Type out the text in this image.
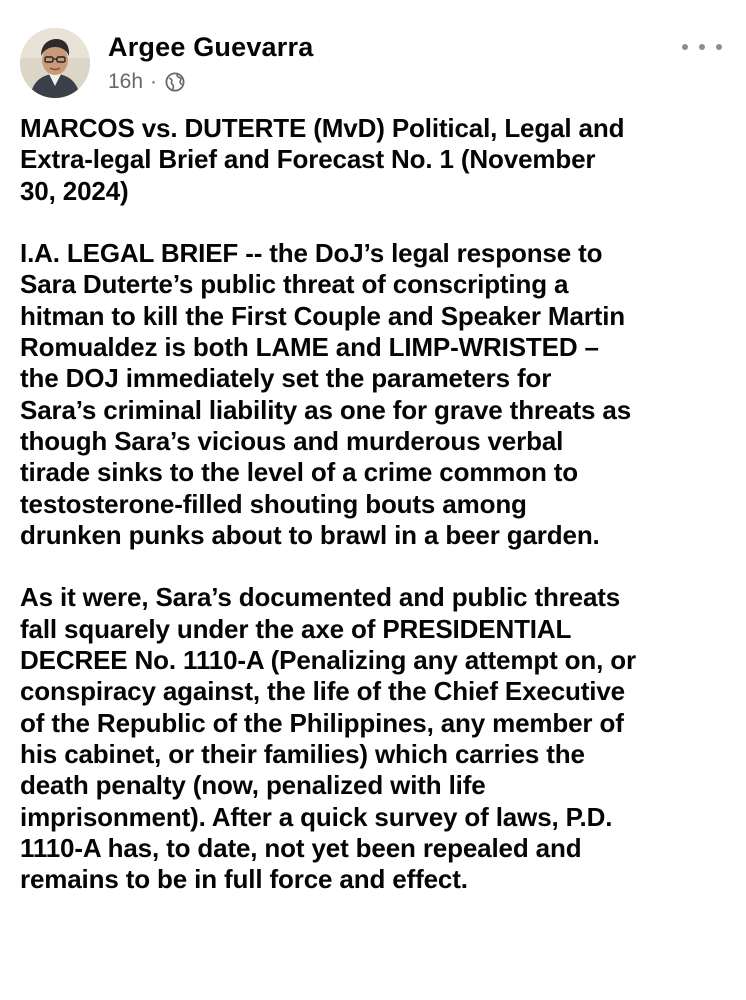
Argee Guevarra
16h ·

MARCOS vs. DUTERTE (MvD) Political, Legal and
Extra-legal Brief and Forecast No. 1 (November
30, 2024)

I.A. LEGAL BRIEF -- the DoJ’s legal response to
Sara Duterte’s public threat of conscripting a
hitman to kill the First Couple and Speaker Martin
Romualdez is both LAME and LIMP-WRISTED –
the DOJ immediately set the parameters for
Sara’s criminal liability as one for grave threats as
though Sara’s vicious and murderous verbal
tirade sinks to the level of a crime common to
testosterone-filled shouting bouts among
drunken punks about to brawl in a beer garden.

As it were, Sara’s documented and public threats
fall squarely under the axe of PRESIDENTIAL
DECREE No. 1110-A (Penalizing any attempt on, or
conspiracy against, the life of the Chief Executive
of the Republic of the Philippines, any member of
his cabinet, or their families) which carries the
death penalty (now, penalized with life
imprisonment). After a quick survey of laws, P.D.
1110-A has, to date, not yet been repealed and
remains to be in full force and effect.
